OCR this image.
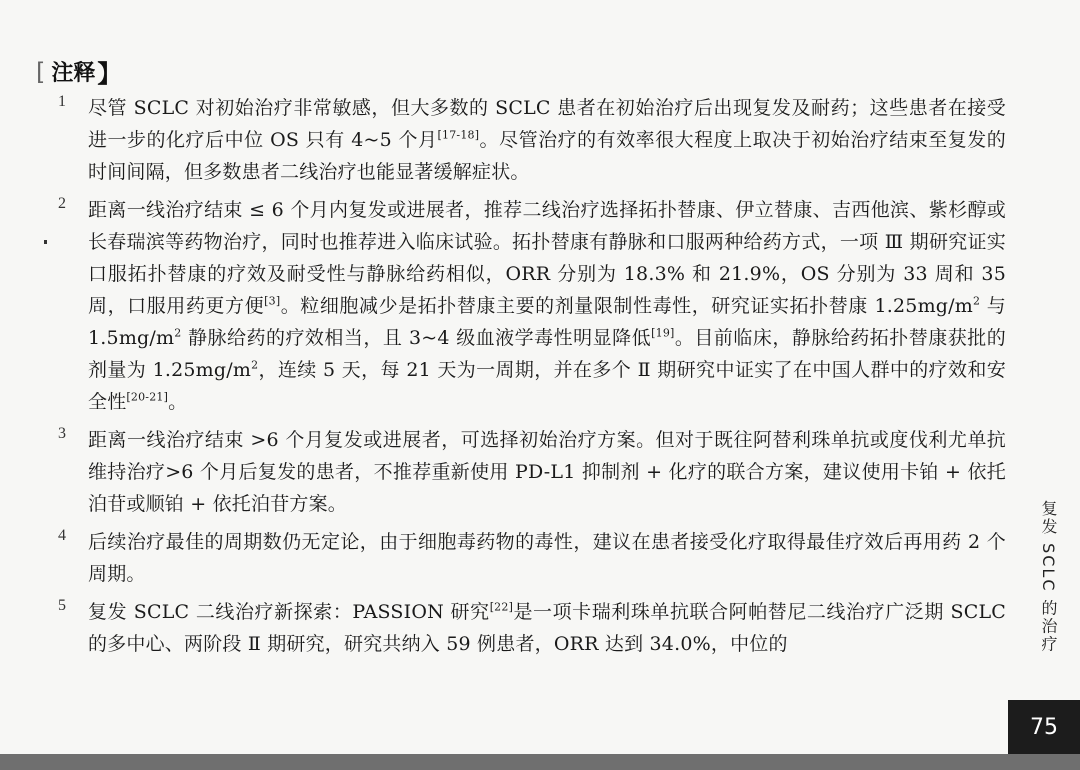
[ 注释 】
1 尽管 SCLC 对初始治疗非常敏感，但大多数的 SCLC 患者在初始治疗后出现复发及耐药；这些患者在接受进一步的化疗后中位 OS 只有 4~5 个月[17-18]。尽管治疗的有效率很大程度上取决于初始治疗结束至复发的时间间隔，但多数患者二线治疗也能显著缓解症状。
2 距离一线治疗结束 ≤ 6 个月内复发或进展者，推荐二线治疗选择拓扑替康、伊立替康、吉西他滨、紫杉醇或长春瑞滨等药物治疗，同时也推荐进入临床试验。拓扑替康有静脉和口服两种给药方式，一项 Ⅲ 期研究证实口服拓扑替康的疗效及耐受性与静脉给药相似，ORR 分别为 18.3% 和 21.9%，OS 分别为 33 周和 35 周，口服用药更方便[3]。粒细胞减少是拓扑替康主要的剂量限制性毒性，研究证实拓扑替康 $1.25mg/m^2$ 与 $1.5mg/m^2$ 静脉给药的疗效相当，且 3~4 级血液学毒性明显降低[19]。目前临床，静脉给药拓扑替康获批的剂量为 $1.25mg/m^2$，连续 5 天，每 21 天为一周期，并在多个 Ⅱ 期研究中证实了在中国人群中的疗效和安全性[20-21]。
3 距离一线治疗结束 >6 个月复发或进展者，可选择初始治疗方案。但对于既往阿替利珠单抗或度伐利尤单抗维持治疗>6 个月后复发的患者，不推荐重新使用 PD-L1 抑制剂 + 化疗的联合方案，建议使用卡铂 + 依托泊苷或顺铂 + 依托泊苷方案。
4 后续治疗最佳的周期数仍无定论，由于细胞毒药物的毒性，建议在患者接受化疗取得最佳疗效后再用药 2 个周期。
5 复发 SCLC 二线治疗新探索：PASSION 研究[22]是一项卡瑞利珠单抗联合阿帕替尼二线治疗广泛期 SCLC 的多中心、两阶段 Ⅱ 期研究，研究共纳入 59 例患者，ORR 达到 34.0%，中位的	复发 SCLC 的治疗
75
